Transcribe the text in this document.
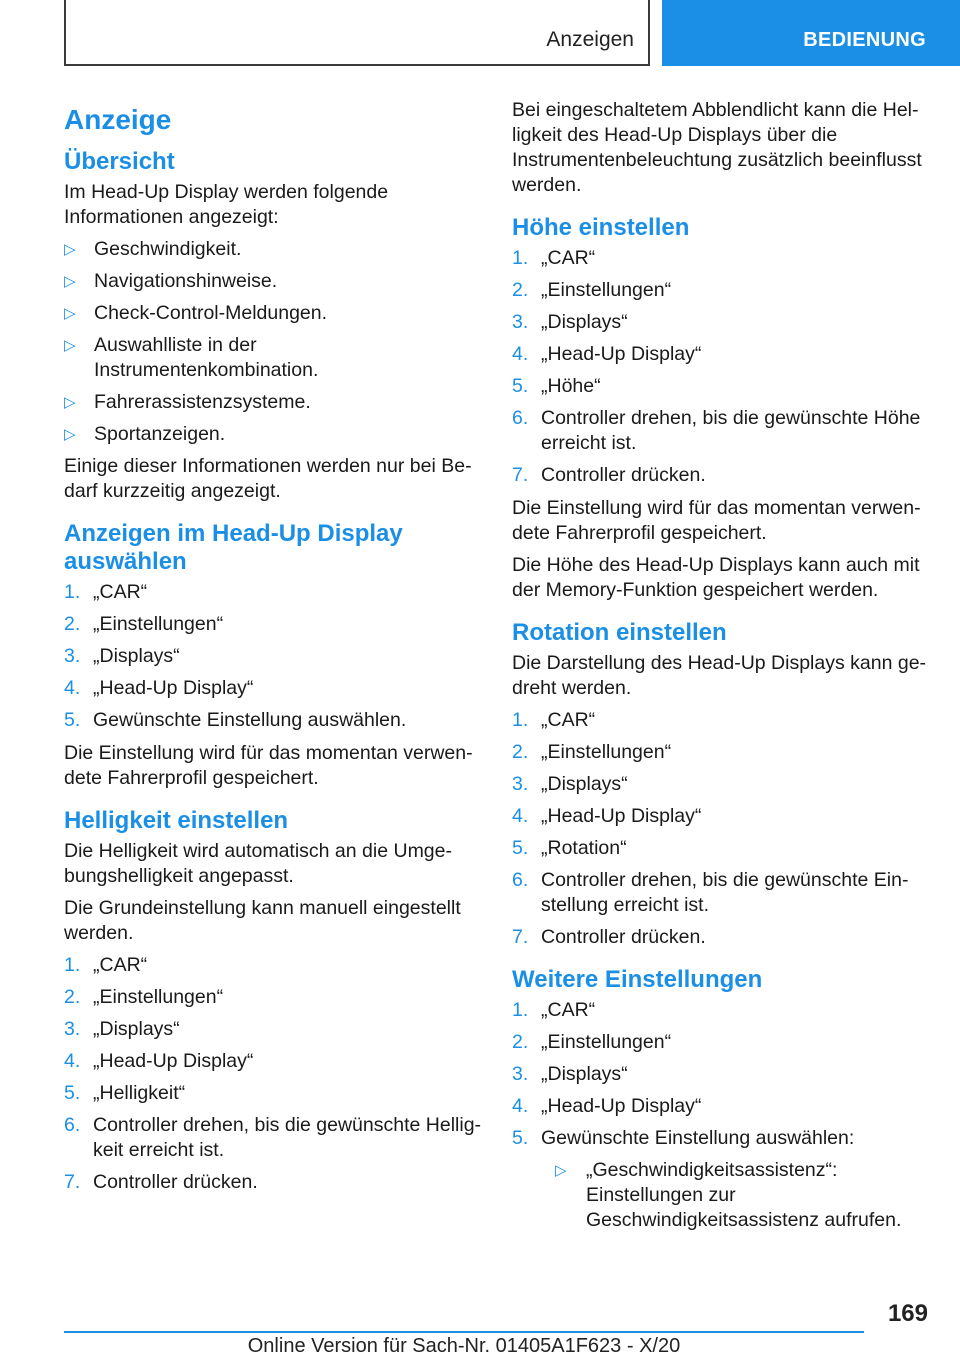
Anzeigen	BEDIENUNG
Anzeige
Übersicht

Im Head-Up Display werden folgende Informationen angezeigt:

▷ Geschwindigkeit.
▷ Navigationshinweise.
▷ Check-Control-Meldungen.
▷ Auswahlliste in der Instrumentenkombination.
▷ Fahrerassistenzsysteme.
▷ Sportanzeigen.

Einige dieser Informationen werden nur bei Bedarf kurzzeitig angezeigt.

Anzeigen im Head-Up Display auswählen
1. „CAR“
2. „Einstellungen“
3. „Displays“
4. „Head-Up Display“
5. Gewünschte Einstellung auswählen.

Die Einstellung wird für das momentan verwendete Fahrerprofil gespeichert.

Helligkeit einstellen

Die Helligkeit wird automatisch an die Umgebungshelligkeit angepasst.

Die Grundeinstellung kann manuell eingestellt werden.

1. „CAR“
2. „Einstellungen“
3. „Displays“
4. „Head-Up Display“
5. „Helligkeit“
6. Controller drehen, bis die gewünschte Helligkeit erreicht ist.
7. Controller drücken.

Bei eingeschaltetem Abblendlicht kann die Helligkeit des Head-Up Displays über die Instrumentenbeleuchtung zusätzlich beeinflusst werden.

Höhe einstellen
1. „CAR“
2. „Einstellungen“
3. „Displays“
4. „Head-Up Display“
5. „Höhe“
6. Controller drehen, bis die gewünschte Höhe erreicht ist.
7. Controller drücken.

Die Einstellung wird für das momentan verwendete Fahrerprofil gespeichert.

Die Höhe des Head-Up Displays kann auch mit der Memory-Funktion gespeichert werden.

Rotation einstellen

Die Darstellung des Head-Up Displays kann gedreht werden.

1. „CAR“
2. „Einstellungen“
3. „Displays“
4. „Head-Up Display“
5. „Rotation“
6. Controller drehen, bis die gewünschte Einstellung erreicht ist.
7. Controller drücken.
Weitere Einstellungen
1. „CAR“
2. „Einstellungen“
3. „Displays“
4. „Head-Up Display“
5. Gewünschte Einstellung auswählen:
▷ „Geschwindigkeitsassistenz“: Einstellungen zur Geschwindigkeitsassistenz aufrufen.
169
Online Version für Sach-Nr. 01405A1F623 - X/20
